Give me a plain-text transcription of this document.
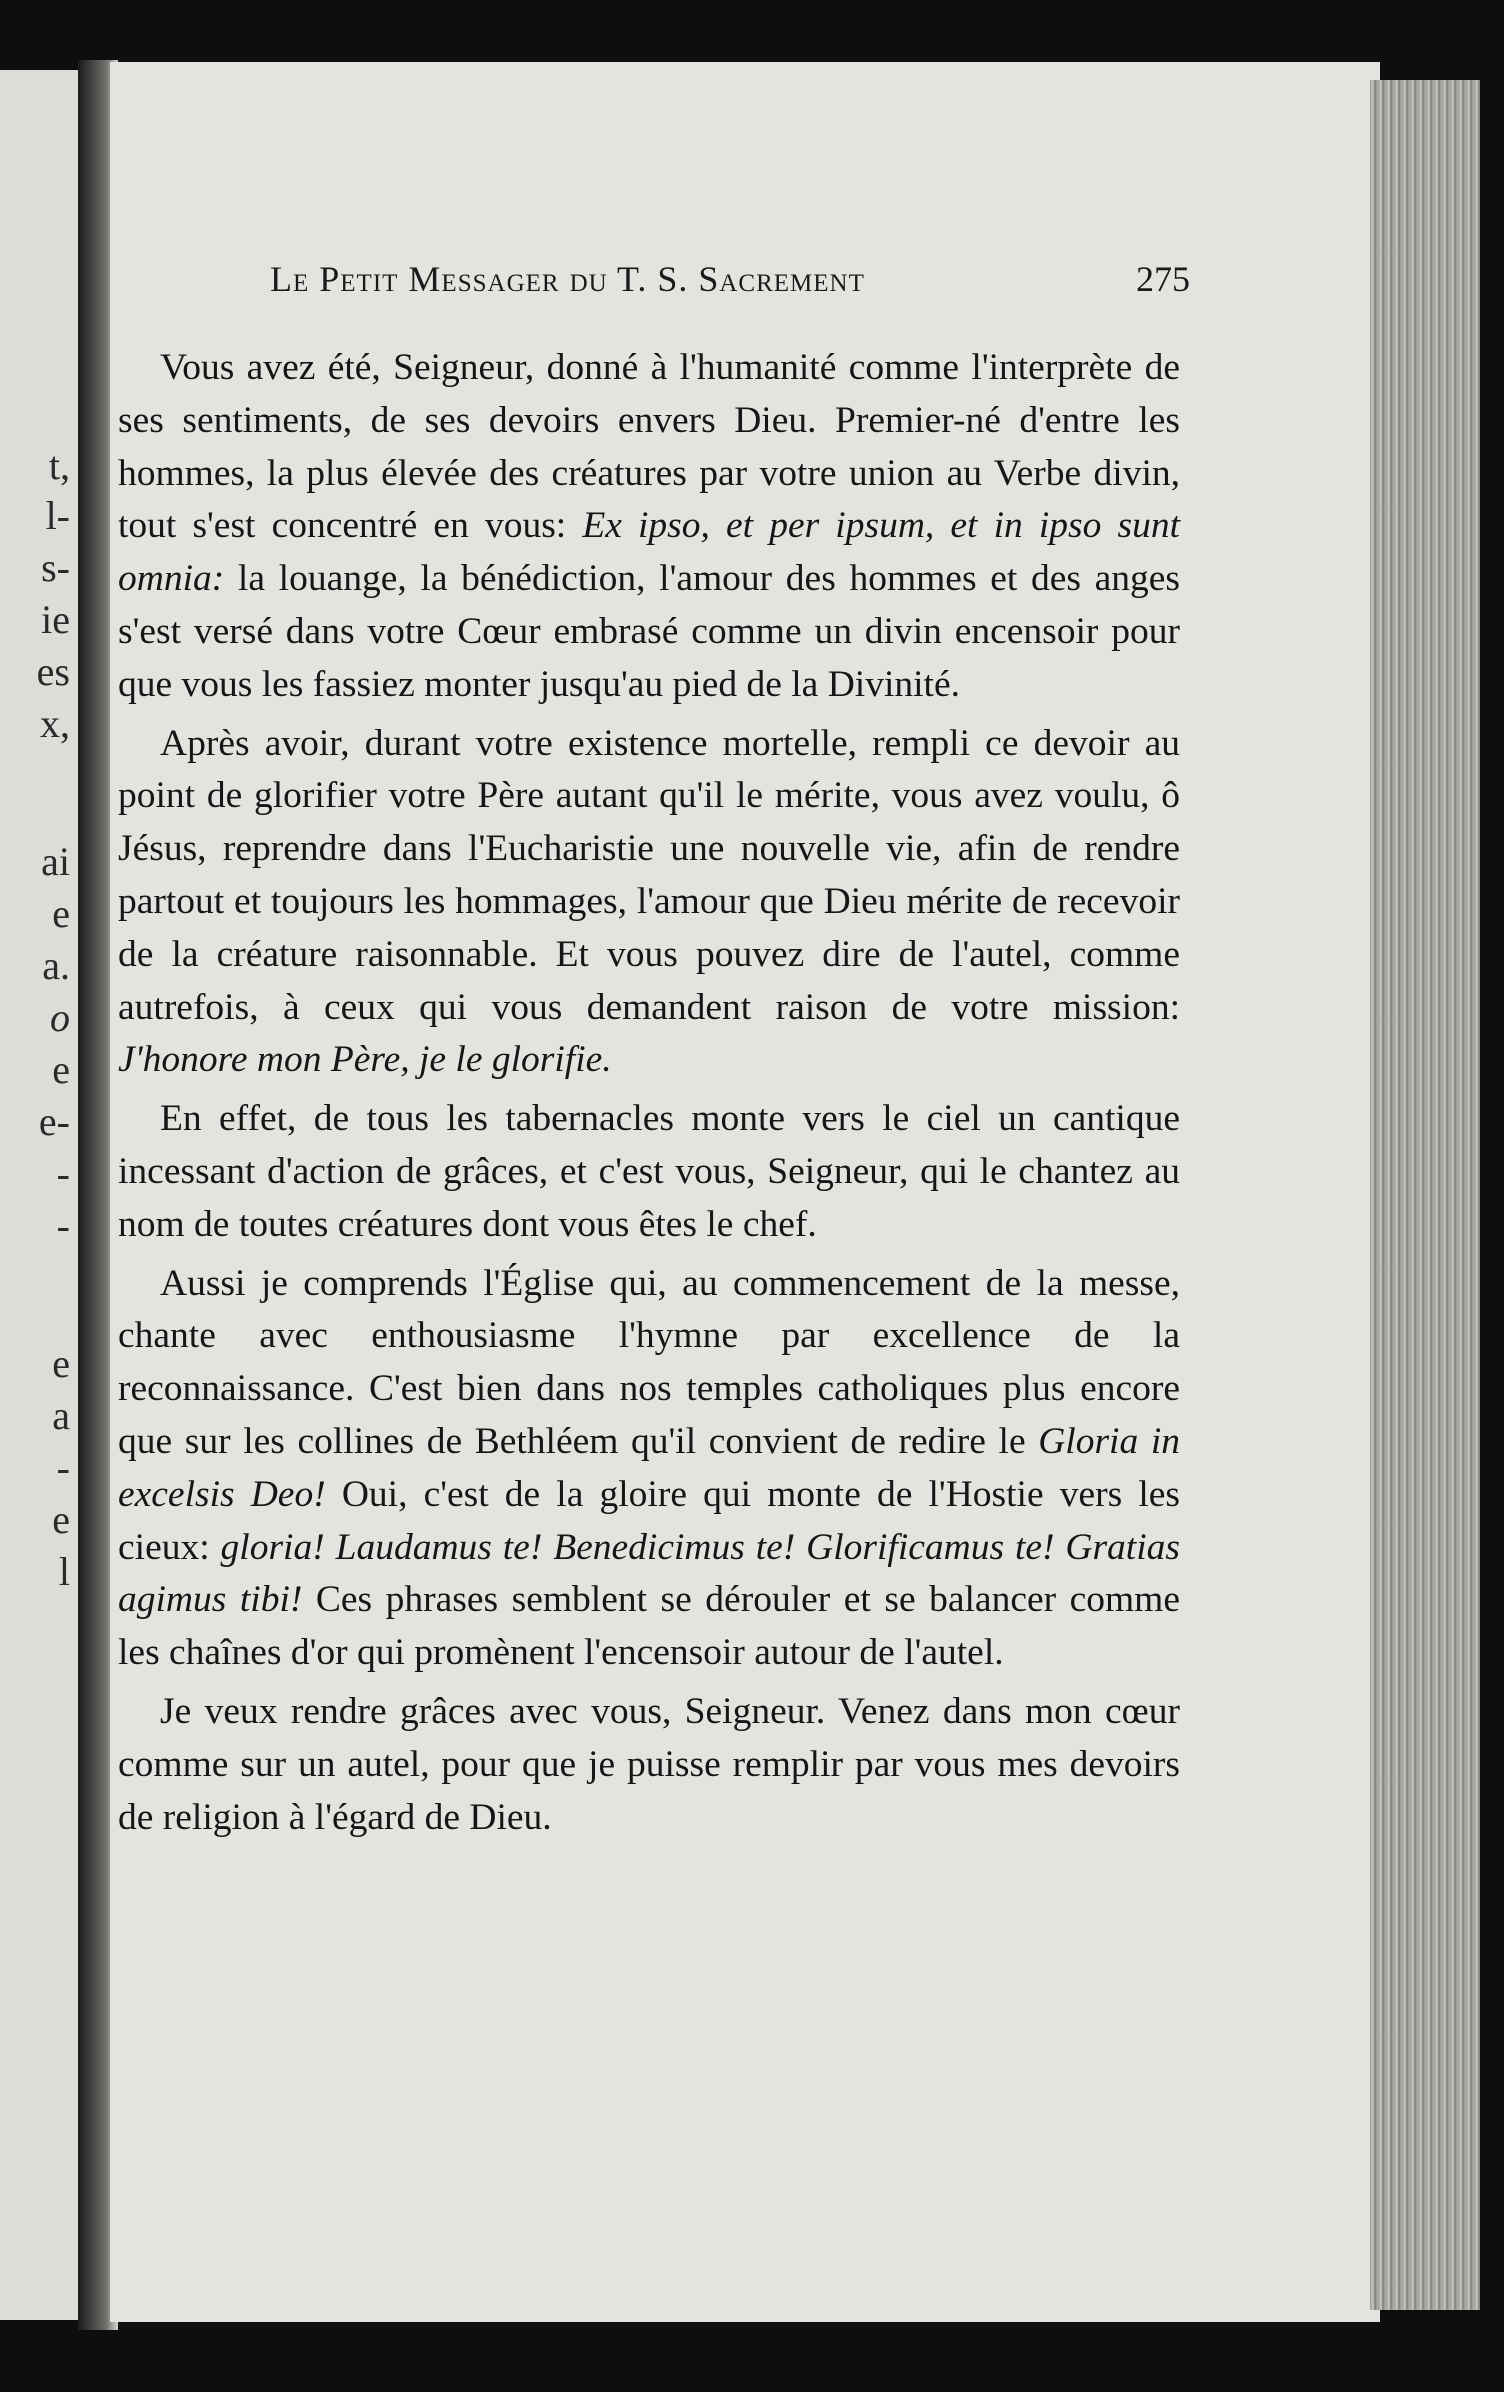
t,
l-
s-
ie
es
x,
ai
e
a.
o
e
e-
-
-
e
a
-
e
l
Le Petit Messager du T. S. Sacrement	275

Vous avez été, Seigneur, donné à l'humanité comme l'interprète de ses sentiments, de ses devoirs envers Dieu. Premier-né d'entre les hommes, la plus élevée des créatures par votre union au Verbe divin, tout s'est concentré en vous: Ex ipso, et per ipsum, et in ipso sunt omnia: la louange, la bénédiction, l'amour des hommes et des anges s'est versé dans votre Cœur embrasé comme un divin encensoir pour que vous les fassiez monter jusqu'au pied de la Divinité.

Après avoir, durant votre existence mortelle, rempli ce devoir au point de glorifier votre Père autant qu'il le mérite, vous avez voulu, ô Jésus, reprendre dans l'Eucharistie une nouvelle vie, afin de rendre partout et toujours les hommages, l'amour que Dieu mérite de recevoir de la créature raisonnable. Et vous pouvez dire de l'autel, comme autrefois, à ceux qui vous demandent raison de votre mission: J'honore mon Père, je le glorifie.

En effet, de tous les tabernacles monte vers le ciel un cantique incessant d'action de grâces, et c'est vous, Seigneur, qui le chantez au nom de toutes créatures dont vous êtes le chef.

Aussi je comprends l'Église qui, au commencement de la messe, chante avec enthousiasme l'hymne par excellence de la reconnaissance. C'est bien dans nos temples catholiques plus encore que sur les collines de Bethléem qu'il convient de redire le Gloria in excelsis Deo! Oui, c'est de la gloire qui monte de l'Hostie vers les cieux: gloria! Laudamus te! Benedicimus te! Glorificamus te! Gratias agimus tibi! Ces phrases semblent se dérouler et se balancer comme les chaînes d'or qui promènent l'encensoir autour de l'autel.

Je veux rendre grâces avec vous, Seigneur. Venez dans mon cœur comme sur un autel, pour que je puisse remplir par vous mes devoirs de religion à l'égard de Dieu.
